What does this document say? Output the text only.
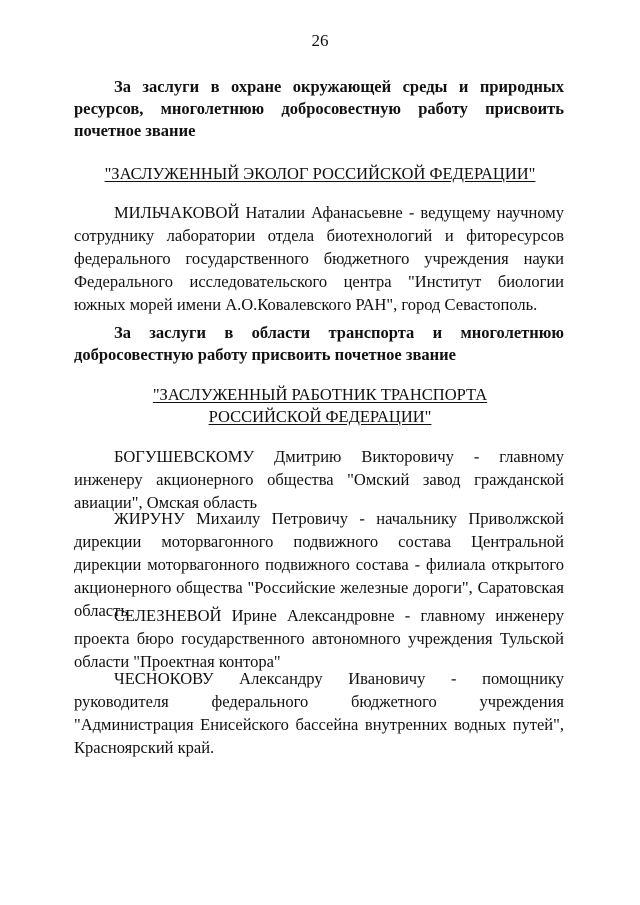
26
За заслуги в охране окружающей среды и природных ресурсов, многолетнюю добросовестную работу присвоить почетное звание
"ЗАСЛУЖЕННЫЙ ЭКОЛОГ РОССИЙСКОЙ ФЕДЕРАЦИИ"
МИЛЬЧАКОВОЙ Наталии Афанасьевне - ведущему научному сотруднику лаборатории отдела биотехнологий и фиторесурсов федерального государственного бюджетного учреждения науки Федерального исследовательского центра "Институт биологии южных морей имени А.О.Ковалевского РАН", город Севастополь.
За заслуги в области транспорта и многолетнюю добросовестную работу присвоить почетное звание
"ЗАСЛУЖЕННЫЙ РАБОТНИК ТРАНСПОРТА
РОССИЙСКОЙ ФЕДЕРАЦИИ"
БОГУШЕВСКОМУ Дмитрию Викторовичу - главному инженеру акционерного общества "Омский завод гражданской авиации", Омская область
ЖИРУНУ Михаилу Петровичу - начальнику Приволжской дирекции моторвагонного подвижного состава Центральной дирекции моторвагонного подвижного состава - филиала открытого акционерного общества "Российские железные дороги", Саратовская область
СЕЛЕЗНЕВОЙ Ирине Александровне - главному инженеру проекта бюро государственного автономного учреждения Тульской области "Проектная контора"
ЧЕСНОКОВУ Александру Ивановичу - помощнику руководителя федерального бюджетного учреждения "Администрация Енисейского бассейна внутренних водных путей", Красноярский край.
